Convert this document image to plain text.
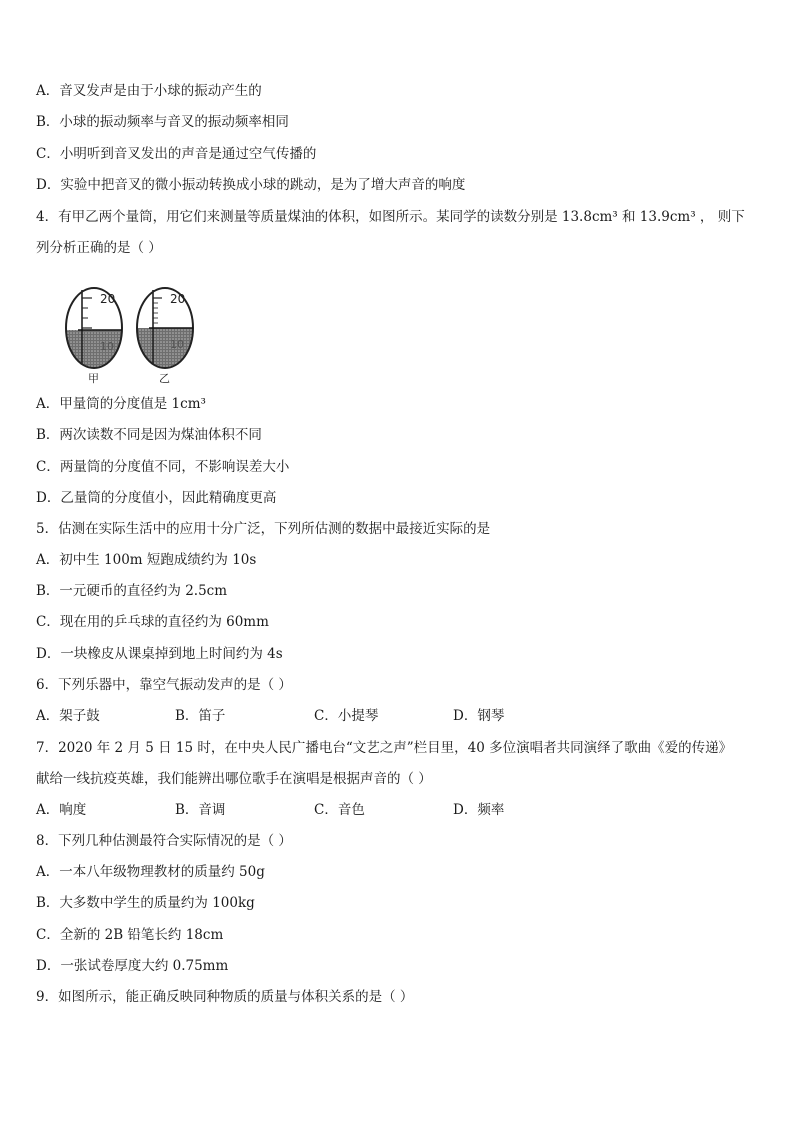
A．音叉发声是由于小球的振动产生的
B．小球的振动频率与音叉的振动频率相同
C．小明听到音叉发出的声音是通过空气传播的
D．实验中把音叉的微小振动转换成小球的跳动，是为了增大声音的响度
4．有甲乙两个量筒，用它们来测量等质量煤油的体积，如图所示。某同学的读数分别是 13.8cm³ 和 13.9cm³ ， 则下
列分析正确的是（ ）
20
10
20
10
甲	乙
A．甲量筒的分度值是 1cm³
B．两次读数不同是因为煤油体积不同
C．两量筒的分度值不同，不影响误差大小
D．乙量筒的分度值小，因此精确度更高
5．估测在实际生活中的应用十分广泛，下列所估测的数据中最接近实际的是
A．初中生 100m 短跑成绩约为 10s
B．一元硬币的直径约为 2.5cm
C．现在用的乒乓球的直径约为 60mm
D．一块橡皮从课桌掉到地上时间约为 4s
6．下列乐器中，靠空气振动发声的是（ ）
A．架子鼓	B．笛子	C．小提琴	D．钢琴
7．2020 年 2 月 5 日 15 时，在中央人民广播电台“文艺之声”栏目里，40 多位演唱者共同演绎了歌曲《爱的传递》
献给一线抗疫英雄，我们能辨出哪位歌手在演唱是根据声音的（ ）
A．响度	B．音调	C．音色	D．频率
8．下列几种估测最符合实际情况的是（ ）
A．一本八年级物理教材的质量约 50g
B．大多数中学生的质量约为 100kg
C．全新的 2B 铅笔长约 18cm
D．一张试卷厚度大约 0.75mm
9．如图所示，能正确反映同种物质的质量与体积关系的是（ ）
